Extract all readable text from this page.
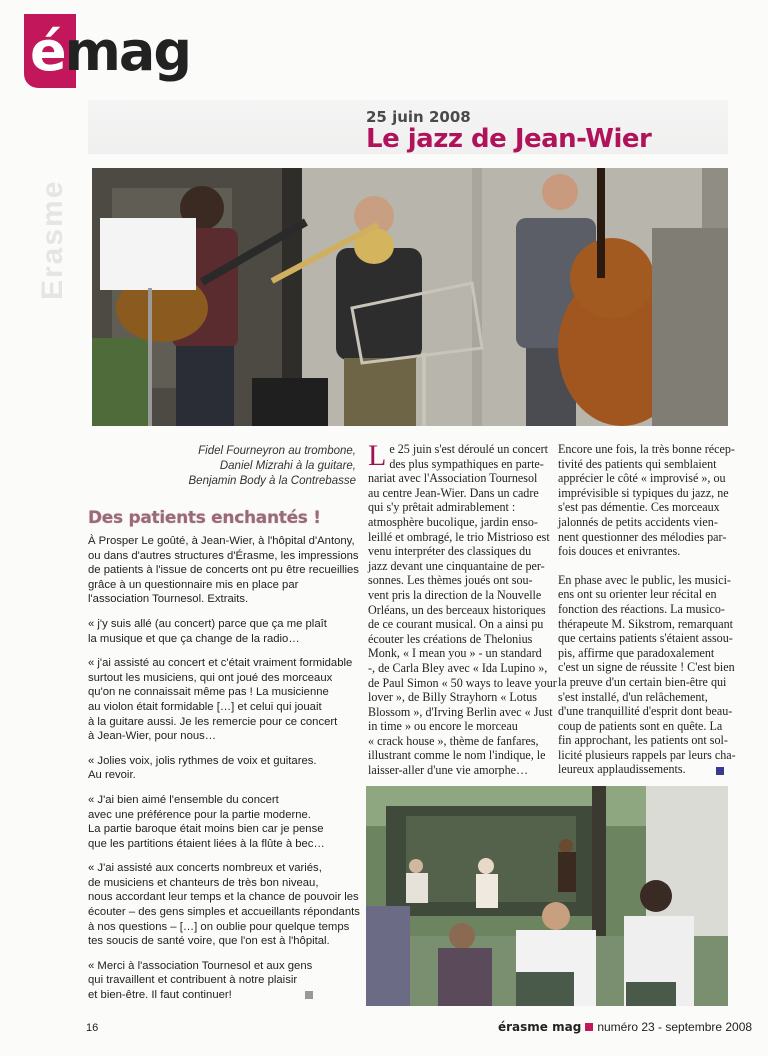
émag
Erasme
25 juin 2008
Le jazz de Jean-Wier
Fidel Fourneyron au trombone,
Daniel Mizrahi à la guitare,
Benjamin Body à la Contrebasse
Des patients enchantés !
À Prosper Le goûté, à Jean-Wier, à l'hôpital d'Antony,
ou dans d'autres structures d'Érasme, les impressions
de patients à l'issue de concerts ont pu être recueillies
grâce à un questionnaire mis en place par
l'association Tournesol. Extraits.
« j'y suis allé (au concert) parce que ça me plaît
la musique et que ça change de la radio…
« j'ai assisté au concert et c'était vraiment formidable
surtout les musiciens, qui ont joué des morceaux
qu'on ne connaissait même pas ! La musicienne
au violon était formidable […] et celui qui jouait
à la guitare aussi. Je les remercie pour ce concert
à Jean-Wier, pour nous…
« Jolies voix, jolis rythmes de voix et guitares.
Au revoir.
« J'ai bien aimé l'ensemble du concert
avec une préférence pour la partie moderne.
La partie baroque était moins bien car je pense
que les partitions étaient liées à la flûte à bec…
« J'ai assisté aux concerts nombreux et variés,
de musiciens et chanteurs de très bon niveau,
nous accordant leur temps et la chance de pouvoir les
écouter – des gens simples et accueillants répondants
à nos questions – […] on oublie pour quelque temps
tes soucis de santé voire, que l'on est à l'hôpital.
« Merci à l'association Tournesol et aux gens
qui travaillent et contribuent à notre plaisir
et bien-être. Il faut continuer!
L e 25 juin s'est déroulé un concert
des plus sympathiques en parte-
nariat avec l'Association Tournesol
au centre Jean-Wier. Dans un cadre
qui s'y prêtait admirablement :
atmosphère bucolique, jardin enso-
leillé et ombragé, le trio Mistrioso est
venu interpréter des classiques du
jazz devant une cinquantaine de per-
sonnes. Les thèmes joués ont sou-
vent pris la direction de la Nouvelle
Orléans, un des berceaux historiques
de ce courant musical. On a ainsi pu
écouter les créations de Thelonius
Monk, « I mean you » - un standard
-, de Carla Bley avec « Ida Lupino »,
de Paul Simon « 50 ways to leave your
lover », de Billy Strayhorn « Lotus
Blossom », d'Irving Berlin avec « Just
in time » ou encore le morceau
« crack house », thème de fanfares,
illustrant comme le nom l'indique, le
laisser-aller d'une vie amorphe…
Encore une fois, la très bonne récep-
tivité des patients qui semblaient
apprécier le côté « improvisé », ou
imprévisible si typiques du jazz, ne
s'est pas démentie. Ces morceaux
jalonnés de petits accidents vien-
nent questionner des mélodies par-
fois douces et enivrantes.
En phase avec le public, les musici-
ens ont su orienter leur récital en
fonction des réactions. La musico-
thérapeute M. Sikstrom, remarquant
que certains patients s'étaient assou-
pis, affirme que paradoxalement
c'est un signe de réussite ! C'est bien
la preuve d'un certain bien-être qui
s'est installé, d'un relâchement,
d'une tranquillité d'esprit dont beau-
coup de patients sont en quête. La
fin approchant, les patients ont sol-
licité plusieurs rappels par leurs cha-
leureux applaudissements.
16	érasme mag numéro 23 - septembre 2008
